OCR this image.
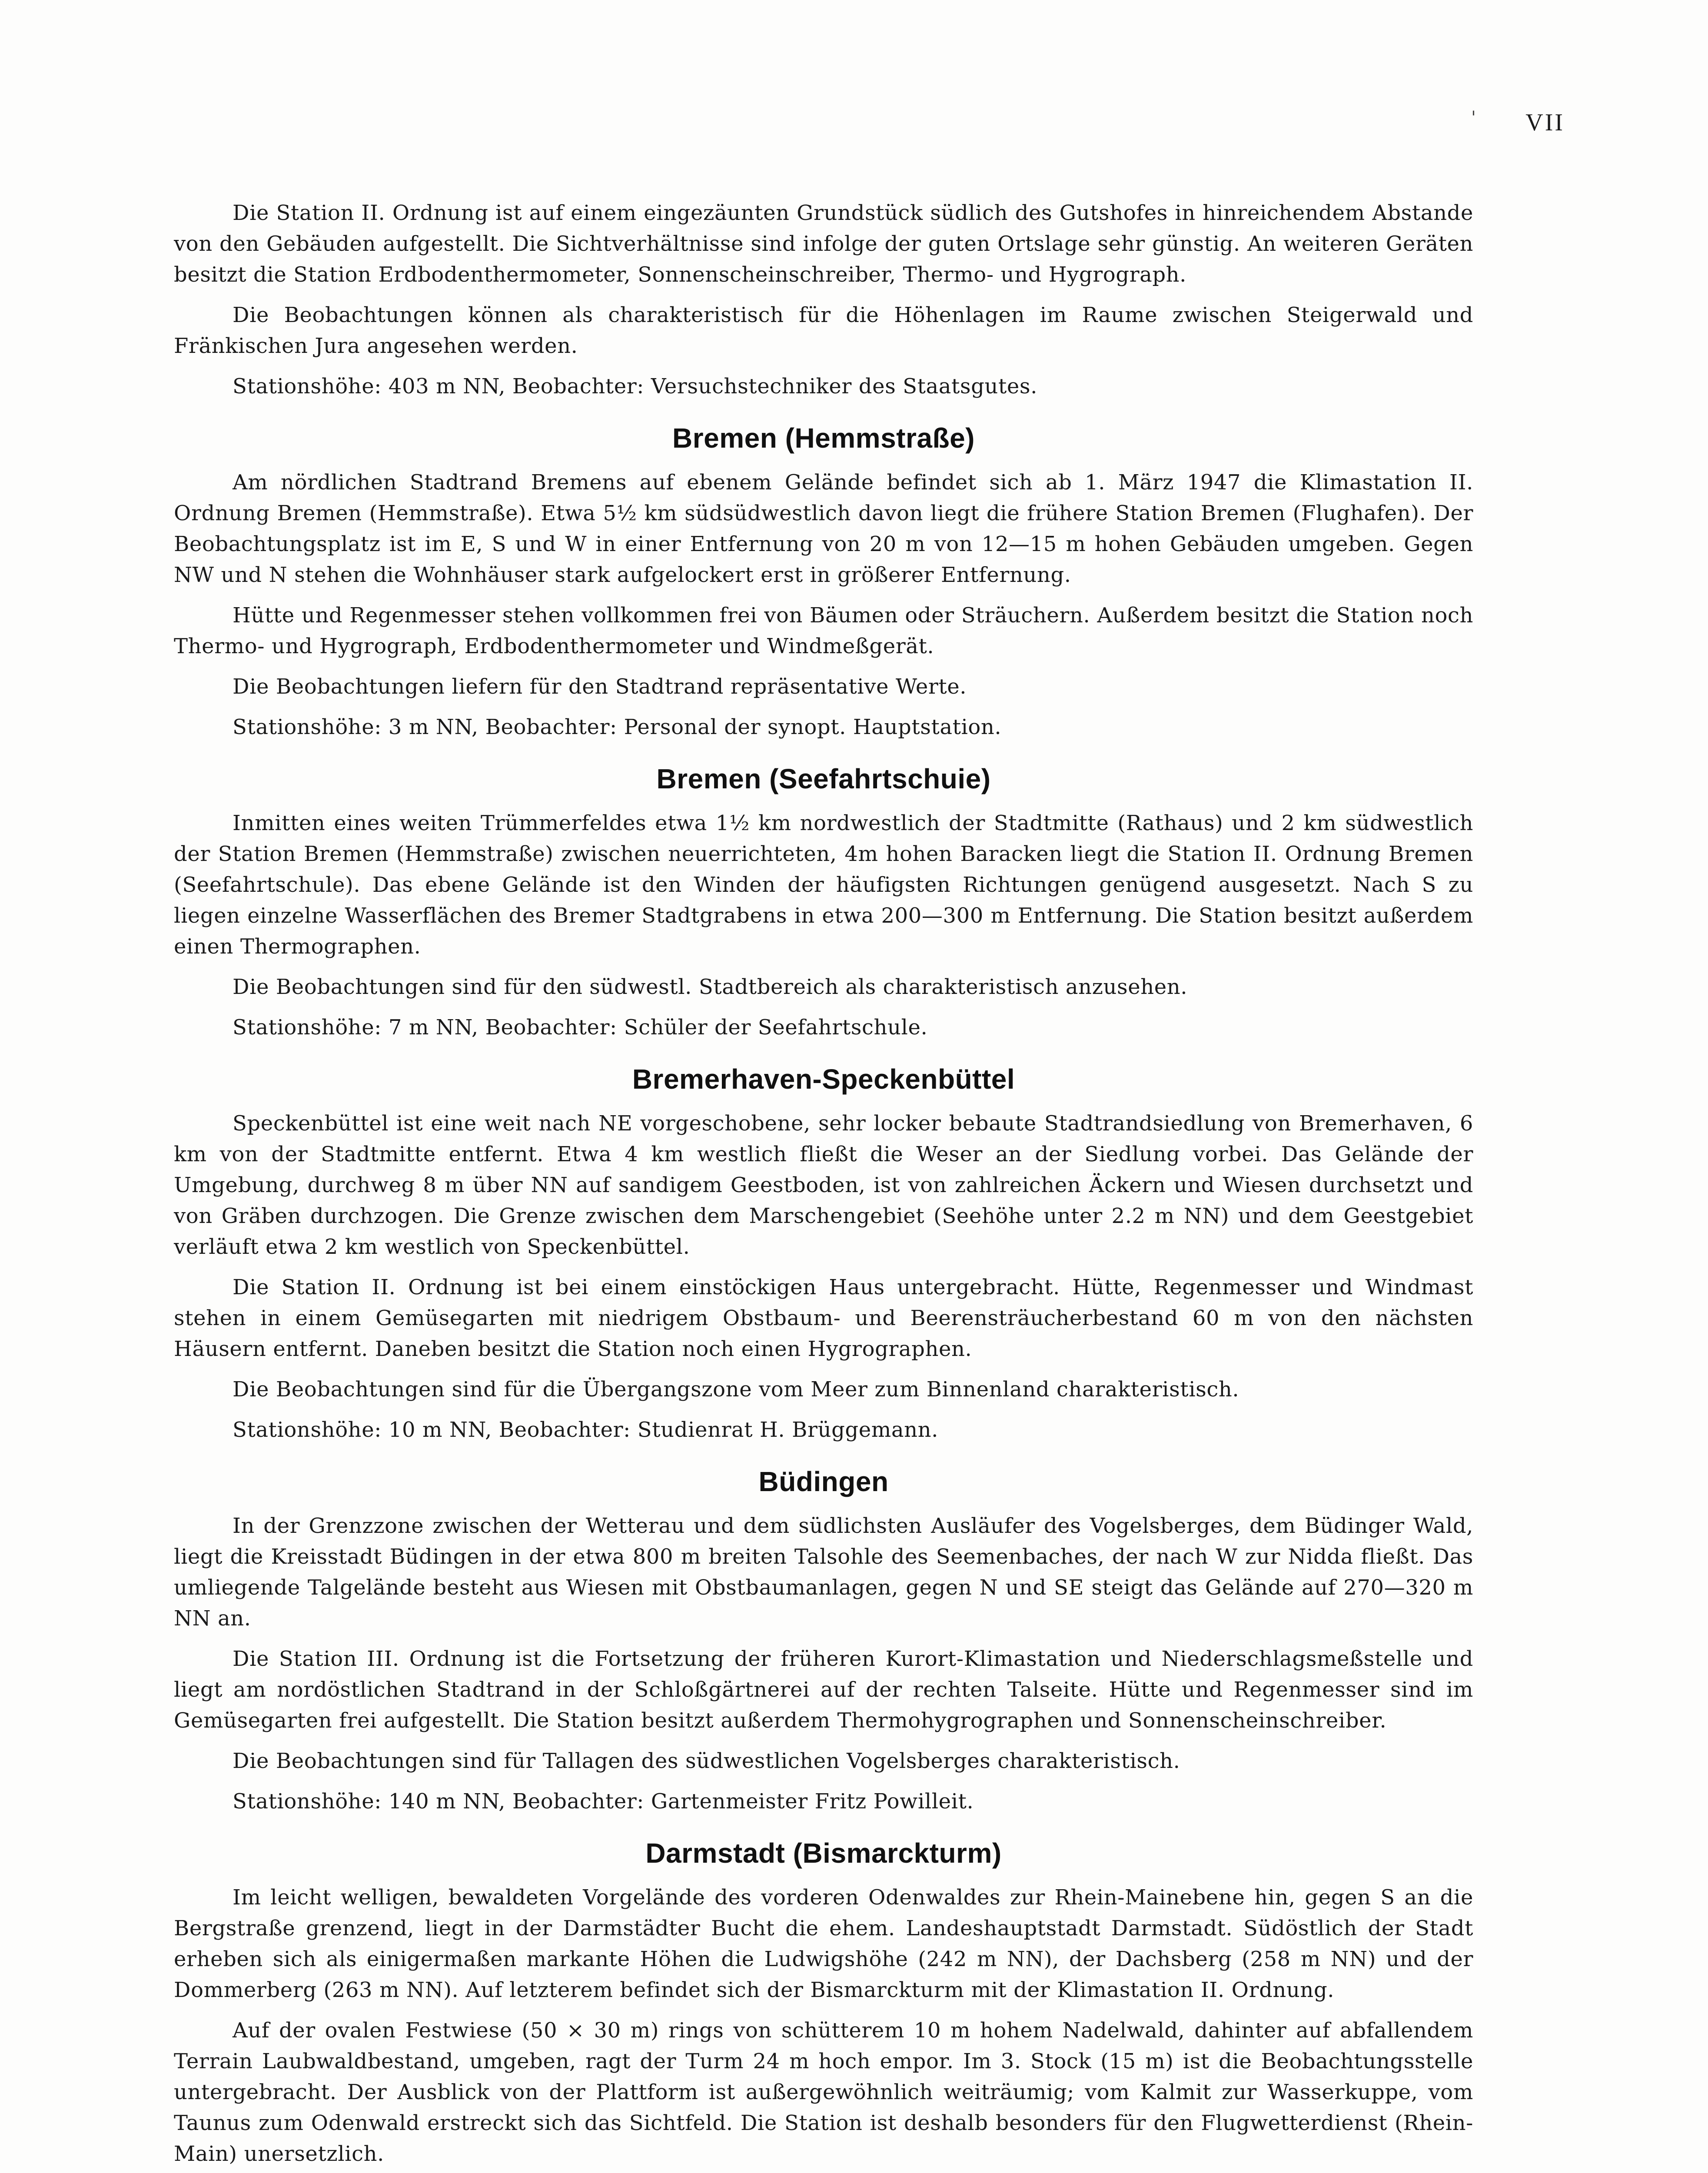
' VII

Die Station II. Ordnung ist auf einem eingezäunten Grundstück südlich des Gutshofes in hinreichendem Abstande von den Gebäuden aufgestellt. Die Sichtverhältnisse sind infolge der guten Ortslage sehr günstig. An weiteren Geräten besitzt die Station Erdbodenthermometer, Sonnenscheinschreiber, Thermo- und Hygrograph.

Die Beobachtungen können als charakteristisch für die Höhenlagen im Raume zwischen Steigerwald und Fränkischen Jura angesehen werden.

Stationshöhe: 403 m NN, Beobachter: Versuchstechniker des Staatsgutes.

Bremen (Hemmstraße)

Am nördlichen Stadtrand Bremens auf ebenem Gelände befindet sich ab 1. März 1947 die Klimastation II. Ordnung Bremen (Hemmstraße). Etwa 5½ km südsüdwestlich davon liegt die frühere Station Bremen (Flughafen). Der Beobachtungsplatz ist im E, S und W in einer Entfernung von 20 m von 12—15 m hohen Gebäuden umgeben. Gegen NW und N stehen die Wohnhäuser stark aufgelockert erst in größerer Entfernung.

Hütte und Regenmesser stehen vollkommen frei von Bäumen oder Sträuchern. Außerdem besitzt die Station noch Thermo- und Hygrograph, Erdbodenthermometer und Windmeßgerät.

Die Beobachtungen liefern für den Stadtrand repräsentative Werte.

Stationshöhe: 3 m NN, Beobachter: Personal der synopt. Hauptstation.

Bremen (Seefahrtschuie)

Inmitten eines weiten Trümmerfeldes etwa 1½ km nordwestlich der Stadtmitte (Rathaus) und 2 km südwestlich der Station Bremen (Hemmstraße) zwischen neuerrichteten, 4m hohen Baracken liegt die Station II. Ordnung Bremen (Seefahrtschule). Das ebene Gelände ist den Winden der häufigsten Richtungen genügend ausgesetzt. Nach S zu liegen einzelne Wasserflächen des Bremer Stadtgrabens in etwa 200—300 m Entfernung. Die Station besitzt außerdem einen Thermographen.

Die Beobachtungen sind für den südwestl. Stadtbereich als charakteristisch anzusehen.

Stationshöhe: 7 m NN, Beobachter: Schüler der Seefahrtschule.

Bremerhaven-Speckenbüttel

Speckenbüttel ist eine weit nach NE vorgeschobene, sehr locker bebaute Stadtrandsiedlung von Bremerhaven, 6 km von der Stadtmitte entfernt. Etwa 4 km westlich fließt die Weser an der Siedlung vorbei. Das Gelände der Umgebung, durchweg 8 m über NN auf sandigem Geestboden, ist von zahlreichen Äckern und Wiesen durchsetzt und von Gräben durchzogen. Die Grenze zwischen dem Marschengebiet (Seehöhe unter 2.2 m NN) und dem Geestgebiet verläuft etwa 2 km westlich von Speckenbüttel.

Die Station II. Ordnung ist bei einem einstöckigen Haus untergebracht. Hütte, Regenmesser und Windmast stehen in einem Gemüsegarten mit niedrigem Obstbaum- und Beerensträucherbestand 60 m von den nächsten Häusern entfernt. Daneben besitzt die Station noch einen Hygrographen.

Die Beobachtungen sind für die Übergangszone vom Meer zum Binnenland charakteristisch.

Stationshöhe: 10 m NN, Beobachter: Studienrat H. Brüggemann.

Büdingen

In der Grenzzone zwischen der Wetterau und dem südlichsten Ausläufer des Vogelsberges, dem Büdinger Wald, liegt die Kreisstadt Büdingen in der etwa 800 m breiten Talsohle des Seemenbaches, der nach W zur Nidda fließt. Das umliegende Talgelände besteht aus Wiesen mit Obstbaumanlagen, gegen N und SE steigt das Gelände auf 270—320 m NN an.

Die Station III. Ordnung ist die Fortsetzung der früheren Kurort-Klimastation und Niederschlagsmeßstelle und liegt am nordöstlichen Stadtrand in der Schloßgärtnerei auf der rechten Talseite. Hütte und Regenmesser sind im Gemüsegarten frei aufgestellt. Die Station besitzt außerdem Thermohygrographen und Sonnenscheinschreiber.

Die Beobachtungen sind für Tallagen des südwestlichen Vogelsberges charakteristisch.

Stationshöhe: 140 m NN, Beobachter: Gartenmeister Fritz Powilleit.

Darmstadt (Bismarckturm)

Im leicht welligen, bewaldeten Vorgelände des vorderen Odenwaldes zur Rhein-Mainebene hin, gegen S an die Bergstraße grenzend, liegt in der Darmstädter Bucht die ehem. Landeshauptstadt Darmstadt. Südöstlich der Stadt erheben sich als einigermaßen markante Höhen die Ludwigshöhe (242 m NN), der Dachsberg (258 m NN) und der Dommerberg (263 m NN). Auf letzterem befindet sich der Bismarckturm mit der Klimastation II. Ordnung.

Auf der ovalen Festwiese (50 × 30 m) rings von schütterem 10 m hohem Nadelwald, dahinter auf abfallendem Terrain Laubwaldbestand, umgeben, ragt der Turm 24 m hoch empor. Im 3. Stock (15 m) ist die Beobachtungsstelle untergebracht. Der Ausblick von der Plattform ist außergewöhnlich weiträumig; vom Kalmit zur Wasserkuppe, vom Taunus zum Odenwald erstreckt sich das Sichtfeld. Die Station ist deshalb besonders für den Flugwetterdienst (Rhein-Main) unersetzlich.
